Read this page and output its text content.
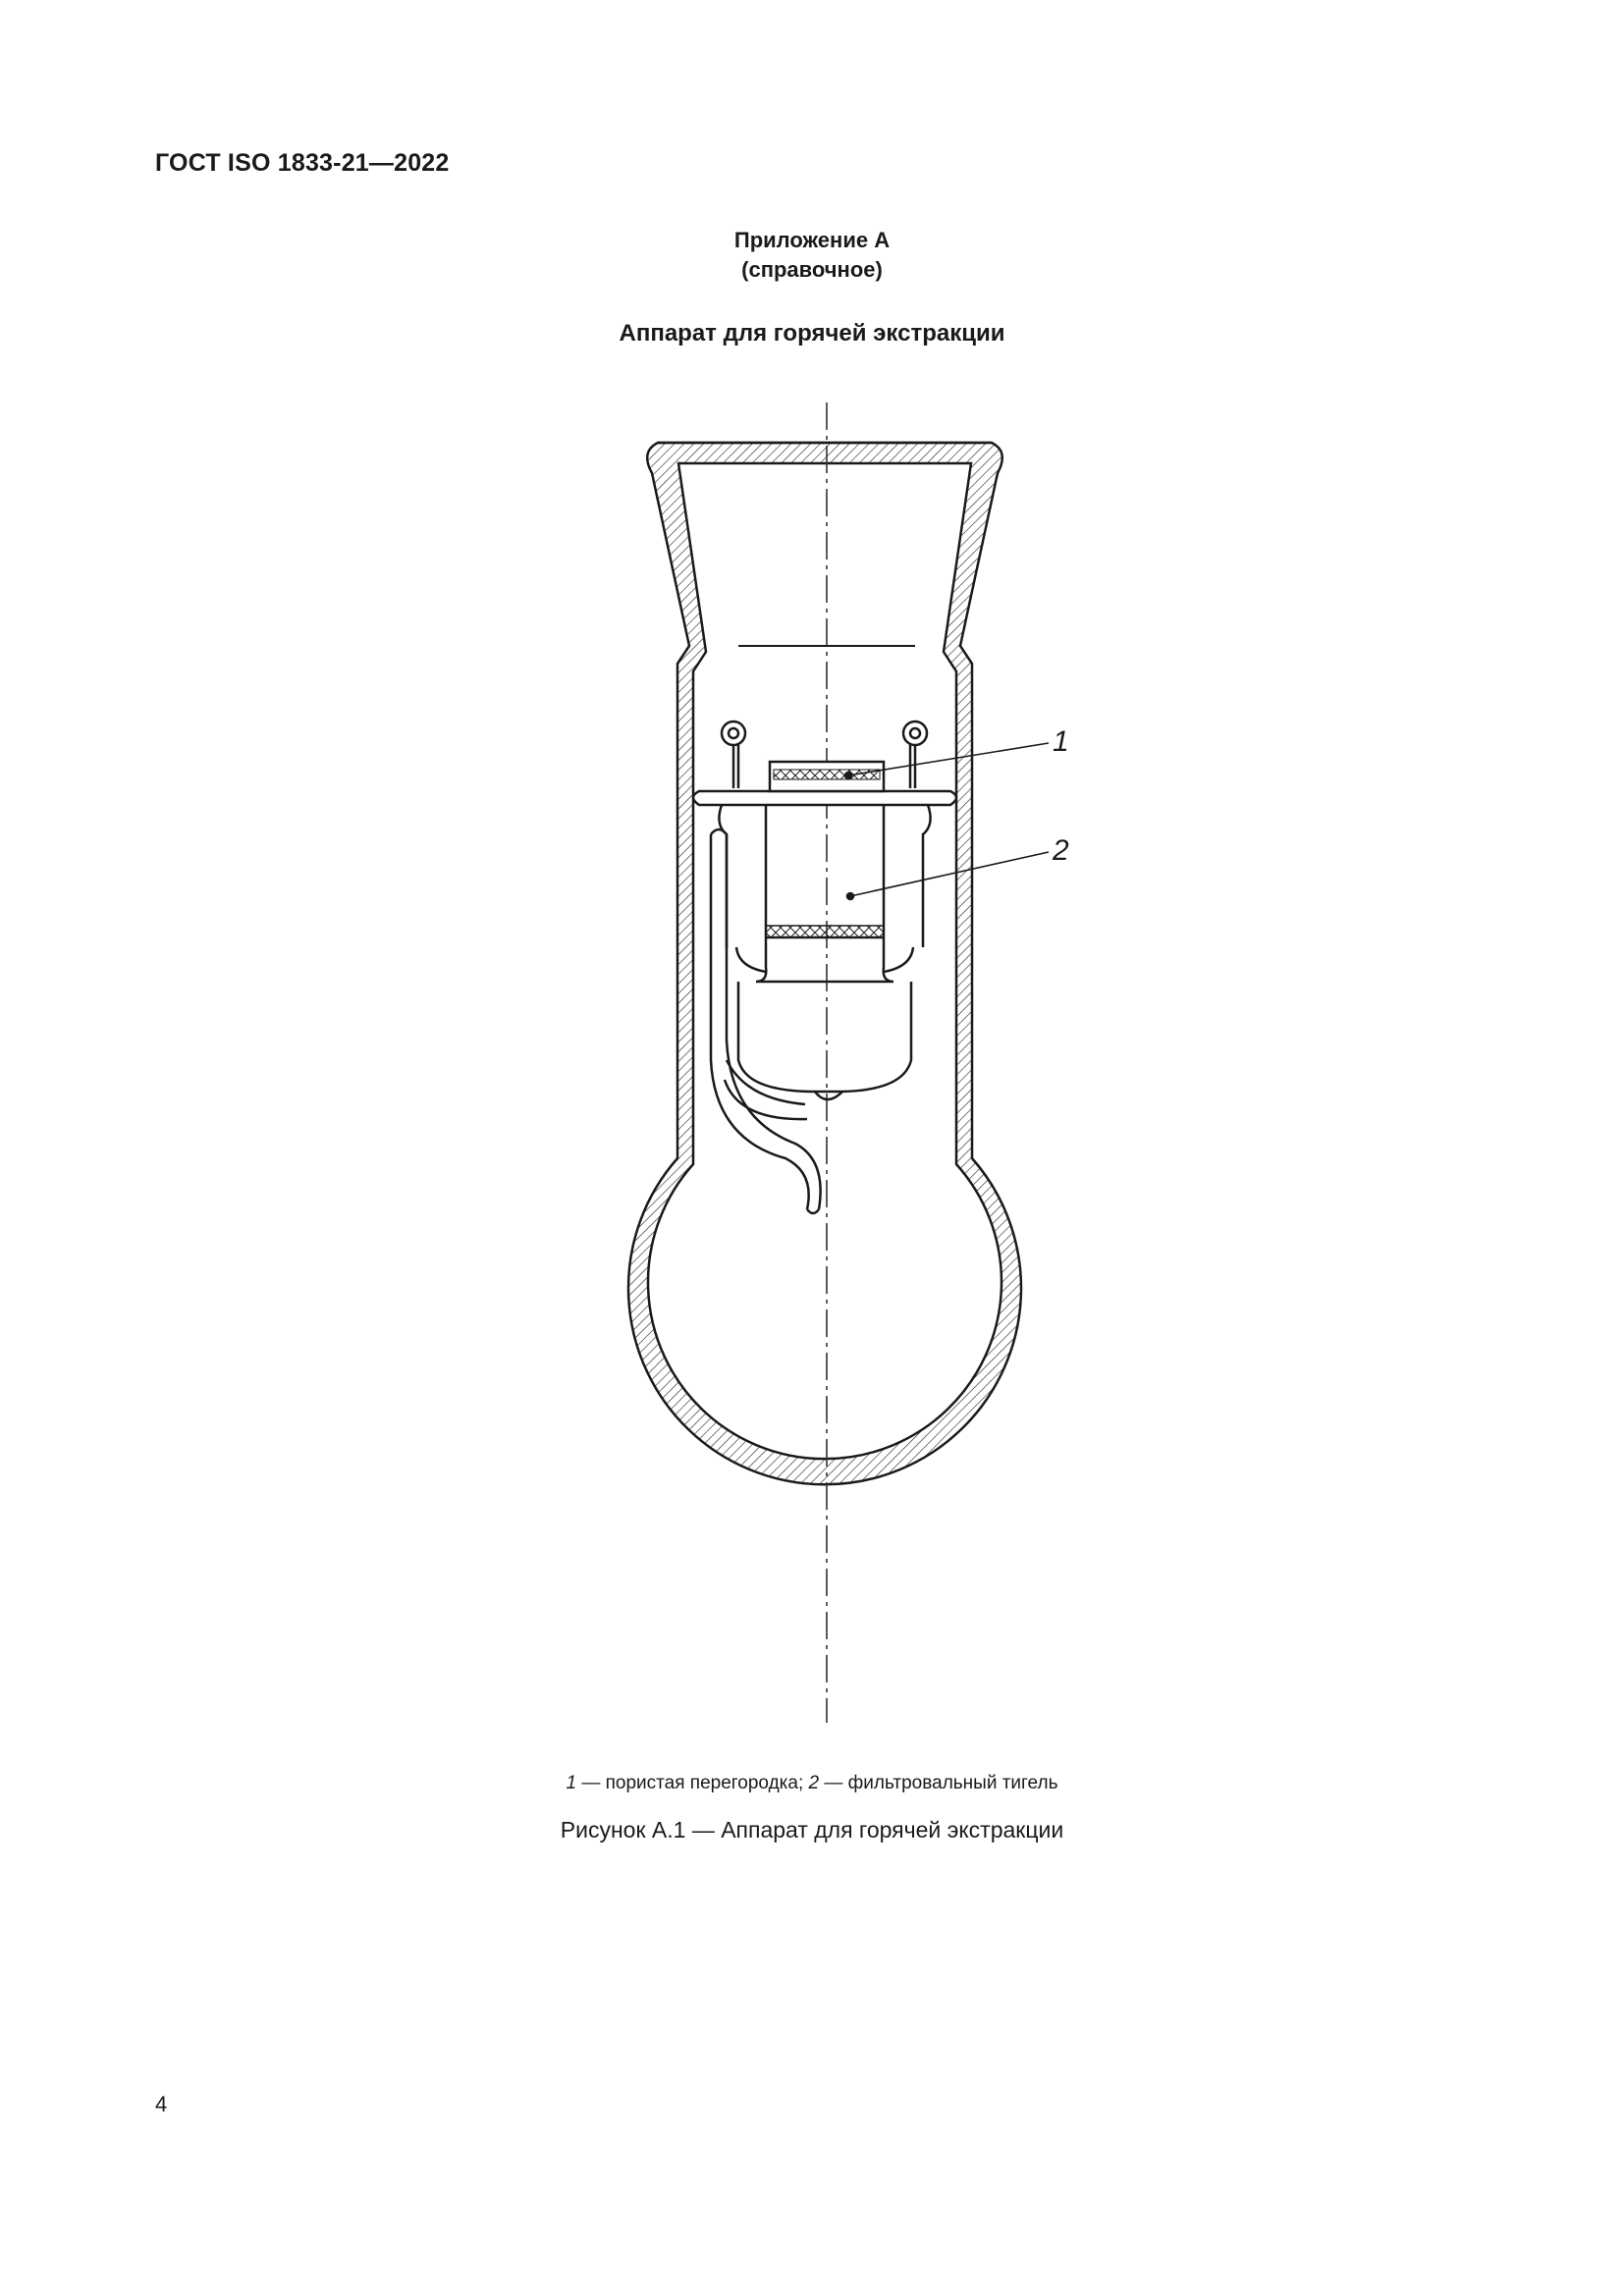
ГОСТ ISO 1833-21—2022
Приложение А
(справочное)
Аппарат для горячей экстракции
1
2
1 — пористая перегородка; 2 — фильтровальный тигель
Рисунок А.1 — Аппарат для горячей экстракции
4
